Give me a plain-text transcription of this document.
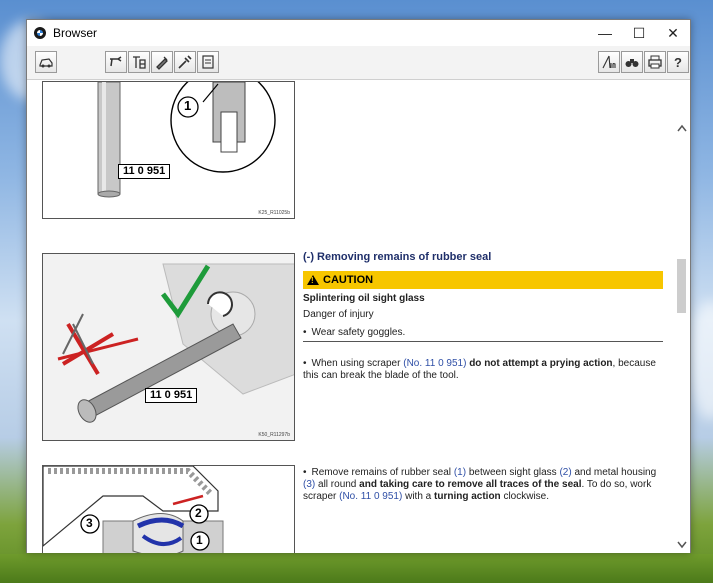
Browser	—	☐	✕
?
1
11 0 951
K25_R11025b
11 0 951
K50_R11297b
3
2
1
(-) Removing remains of rubber seal
!
CAUTION
Splintering oil sight glass
Danger of injury
• Wear safety goggles.
• When using scraper (No. 11 0 951) do not attempt a prying action, because this can break the blade of the tool.
• Remove remains of rubber seal (1) between sight glass (2) and metal housing (3) all round and taking care to remove all traces of the seal. To do so, work scraper (No. 11 0 951) with a turning action clockwise.
